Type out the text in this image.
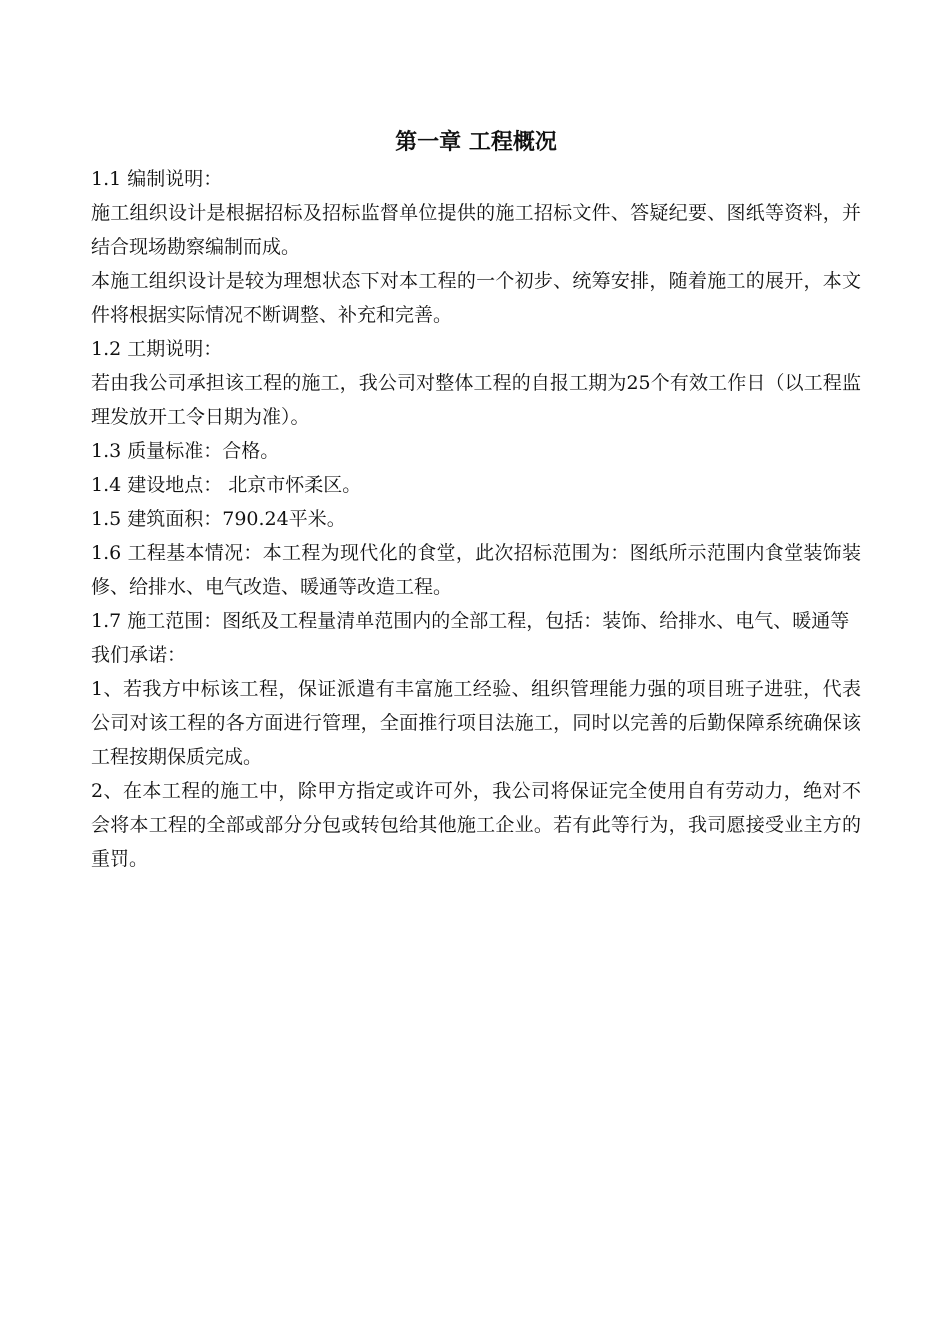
第一章 工程概况

1.1 编制说明：

施工组织设计是根据招标及招标监督单位提供的施工招标文件、答疑纪要、图纸等资料，并结合现场勘察编制而成。

本施工组织设计是较为理想状态下对本工程的一个初步、统筹安排，随着施工的展开，本文件将根据实际情况不断调整、补充和完善。

1.2 工期说明：

若由我公司承担该工程的施工，我公司对整体工程的自报工期为25个有效工作日（以工程监理发放开工令日期为准）。

1.3 质量标准：合格。

1.4 建设地点： 北京市怀柔区。

1.5 建筑面积：790.24平米。

1.6 工程基本情况：本工程为现代化的食堂，此次招标范围为：图纸所示范围内食堂装饰装修、给排水、电气改造、暖通等改造工程。

1.7 施工范围：图纸及工程量清单范围内的全部工程，包括：装饰、给排水、电气、暖通等

我们承诺：

1、若我方中标该工程，保证派遣有丰富施工经验、组织管理能力强的项目班子进驻，代表公司对该工程的各方面进行管理，全面推行项目法施工，同时以完善的后勤保障系统确保该工程按期保质完成。

2、在本工程的施工中，除甲方指定或许可外，我公司将保证完全使用自有劳动力，绝对不会将本工程的全部或部分分包或转包给其他施工企业。若有此等行为，我司愿接受业主方的重罚。
